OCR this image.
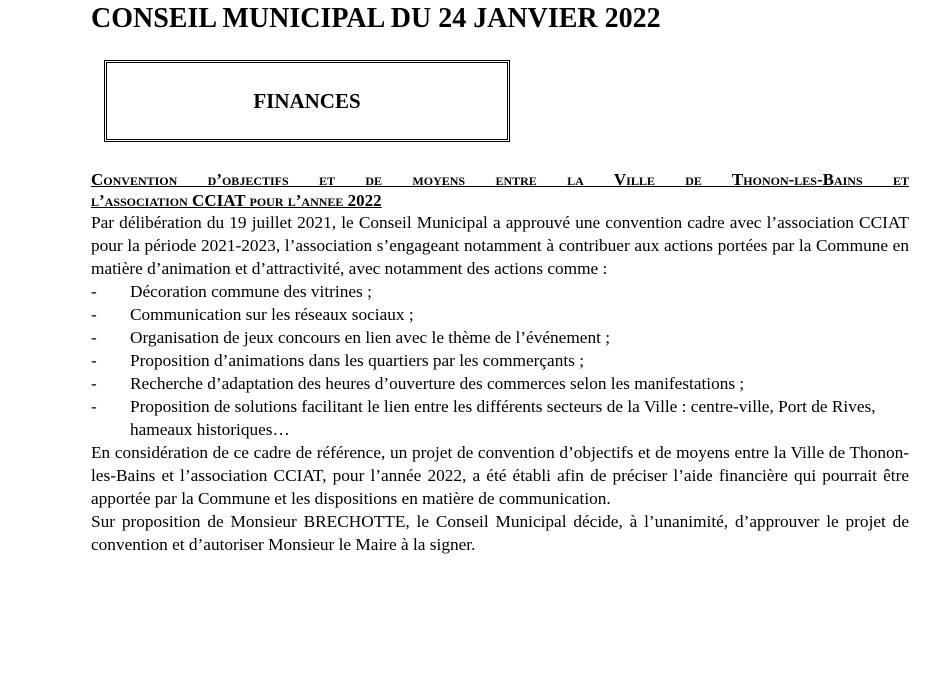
CONSEIL MUNICIPAL DU 24 JANVIER 2022
FINANCES
Convention d’objectifs et de moyens entre la Ville de Thonon-les-Bains et
l’association CCIAT pour l’annee 2022

Par délibération du 19 juillet 2021, le Conseil Municipal a approuvé une convention cadre avec l’association CCIAT pour la période 2021-2023, l’association s’engageant notamment à contribuer aux actions portées par la Commune en matière d’animation et d’attractivité, avec notamment des actions comme :

- Décoration commune des vitrines ;
- Communication sur les réseaux sociaux ;
- Organisation de jeux concours en lien avec le thème de l’événement ;
- Proposition d’animations dans les quartiers par les commerçants ;
- Recherche d’adaptation des heures d’ouverture des commerces selon les manifestations ;
- Proposition de solutions facilitant le lien entre les différents secteurs de la Ville : centre-ville, Port de Rives, hameaux historiques…

En considération de ce cadre de référence, un projet de convention d’objectifs et de moyens entre la Ville de Thonon-les-Bains et l’association CCIAT, pour l’année 2022, a été établi afin de préciser l’aide financière qui pourrait être apportée par la Commune et les dispositions en matière de communication.

Sur proposition de Monsieur BRECHOTTE, le Conseil Municipal décide, à l’unanimité, d’approuver le projet de convention et d’autoriser Monsieur le Maire à la signer.
